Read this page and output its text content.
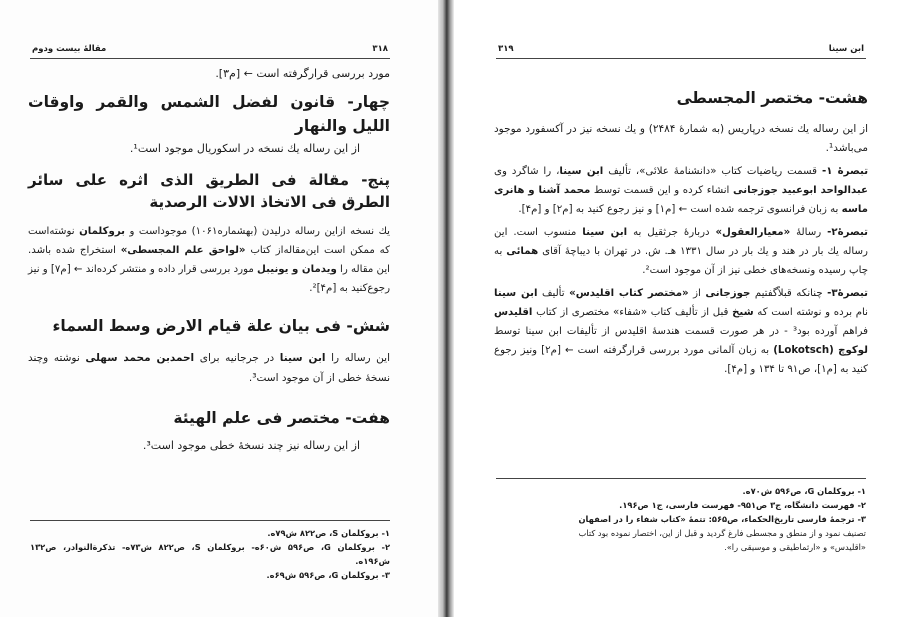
۳۱۸
مقالهٔ بیست ودوم

مورد بررسی قرارگرفته است ← [م۳].

چهار- قانون لفضل الشمس والقمر واوقات الليل والنهار

از این رساله یك نسخه در اسكوریال موجود است¹.

پنج- مقالة فى الطريق الذى اثره على سائر الطرق فى الاتخاذ الالات الرصدية

یك نسخه ازاین رساله درلیدن (بهشماره۱۰۶۱) موجوداست و بروكلمان نوشته‌است كه ممكن است این‌مقاله‌از كتاب «لواحق علم المجسطى» استخراج شده باشد. این مقاله را ویدمان و یونیبل مورد بررسی قرار داده و منتشر كرده‌اند ← [م۷] و نیز رجوع‌كنید به [م۴]².

شش- فى بيان علة قيام الارض وسط السماء

این رساله را ابن سینا در جرجانیه برای احمدبن محمد سهلی نوشته وچند نسخهٔ خطی از آن موجود است³.

هفت- مختصر فى علم الهيئة

از این رساله نیز چند نسخهٔ خطی موجود است³.

۱- بروكلمان S، ص۸۲۲ ش۷۹ه.

۲- بروكلمان G، ص۵۹۶ ش۶۰ه- بروكلمان S، ص۸۲۲ ش۷۳ه- تذكرةالنوادر، ص۱۳۲ ش۱۹۶ه.

۳- بروكلمان G، ص۵۹۶ ش۶۹ه.

ابن سینا
۳۱۹

هشت- مختصر المجسطى

از این رساله یك نسخه درپاریس (به شمارهٔ ۲۴۸۴) و یك نسخه نیز در آكسفورد موجود می‌باشد¹.

تبصرهٔ ۱- قسمت ریاضیات كتاب «دانشنامهٔ علائی»، تألیف ابن سینا، را شاگرد وی عبدالواحد ابوعبید جوزجانی انشاء كرده و این قسمت توسط محمد آشنا و هانری ماسه به زبان فرانسوی ترجمه شده است ← [م۱] و نیز رجوع كنید به [م۲] و [م۴].

تبصرهٔ۲- رسالهٔ «معیارالعقول» دربارهٔ جرثقیل به ابن سینا منسوب است. این رساله یك بار در هند و یك بار در سال ۱۳۳۱ هـ. ش. در تهران با دیباچهٔ آقای همائی به چاپ رسیده ونسخه‌های خطی نیز از آن موجود است².

تبصرهٔ۳- چنانكه قبلاً‌گفتیم جوزجانی از «مختصر كتاب اقلیدس» تألیف ابن سینا نام برده و نوشته است كه شیخ قبل از تألیف كتاب «شفاء» مختصری از كتاب اقلیدس فراهم آورده بود³ - در هر صورت قسمت هندسهٔ اقلیدس از تألیفات ابن سینا توسط لوكوچ (Lokotsch) به زبان آلمانی مورد بررسی قرارگرفته است ← [م۲] ونیز رجوع كنید به [م۱]، ص۹۱ تا ۱۳۴ و [م۴].

۱- بروكلمان G، ص۵۹۶ ش۷۰ه.

۲- فهرست دانشگاه، ج۳ ص۹۵۱- فهرست فارسی، ج۱ ص۱۹۶.

۳- ترجمهٔ فارسی تاریخ‌الحكماء، ص۵۶۵: تتمهٔ «كتاب شفاء را در اصفهان

تصنیف نمود و از منطق و مجسطی فارغ گردید و قبل از این، اختصار نموده بود كتاب

«اقلیدس» و «ارثماطیقی و موسیقی را».
